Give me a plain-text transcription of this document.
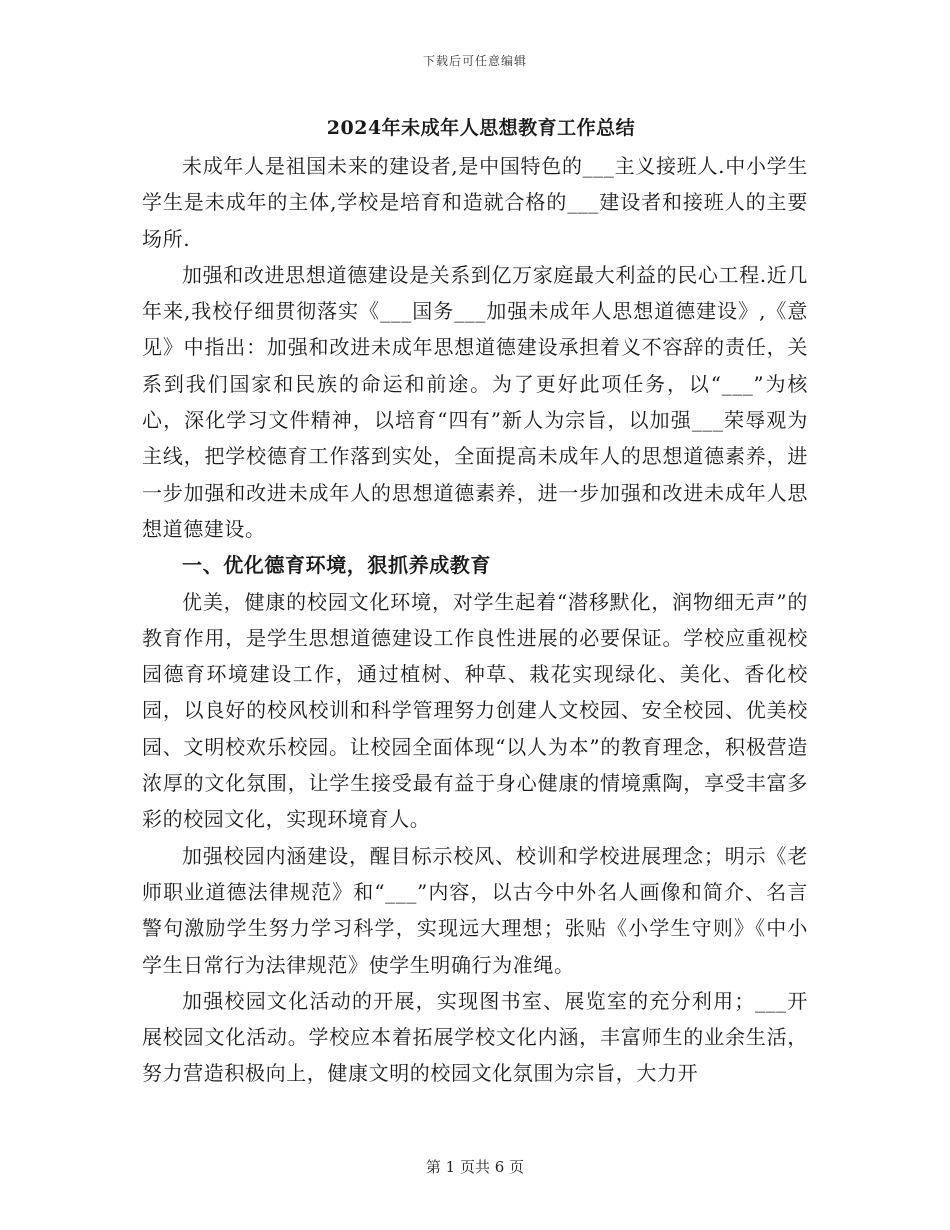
下载后可任意编辑
2024年未成年人思想教育工作总结

未成年人是祖国未来的建设者,是中国特色的___主义接班人.中小学生学生是未成年的主体,学校是培育和造就合格的___建设者和接班人的主要场所.

加强和改进思想道德建设是关系到亿万家庭最大利益的民心工程.近几年来,我校仔细贯彻落实《___国务___加强未成年人思想道德建设》,《意见》中指出：加强和改进未成年思想道德建设承担着义不容辞的责任，关系到我们国家和民族的命运和前途。为了更好此项任务，以“___”为核心，深化学习文件精神，以培育“四有”新人为宗旨，以加强___荣辱观为主线，把学校德育工作落到实处，全面提高未成年人的思想道德素养，进一步加强和改进未成年人的思想道德素养，进一步加强和改进未成年人思想道德建设。

一、优化德育环境，狠抓养成教育

优美，健康的校园文化环境，对学生起着“潜移默化，润物细无声”的教育作用，是学生思想道德建设工作良性进展的必要保证。学校应重视校园德育环境建设工作，通过植树、种草、栽花实现绿化、美化、香化校园，以良好的校风校训和科学管理努力创建人文校园、安全校园、优美校园、文明校欢乐校园。让校园全面体现“以人为本”的教育理念，积极营造浓厚的文化氛围，让学生接受最有益于身心健康的情境熏陶，享受丰富多彩的校园文化，实现环境育人。

加强校园内涵建设，醒目标示校风、校训和学校进展理念；明示《老师职业道德法律规范》和“___”内容，以古今中外名人画像和简介、名言警句激励学生努力学习科学，实现远大理想；张贴《小学生守则》《中小学生日常行为法律规范》使学生明确行为准绳。

加强校园文化活动的开展，实现图书室、展览室的充分利用；___开展校园文化活动。学校应本着拓展学校文化内涵，丰富师生的业余生活，努力营造积极向上，健康文明的校园文化氛围为宗旨，大力开

第 1 页共 6 页
